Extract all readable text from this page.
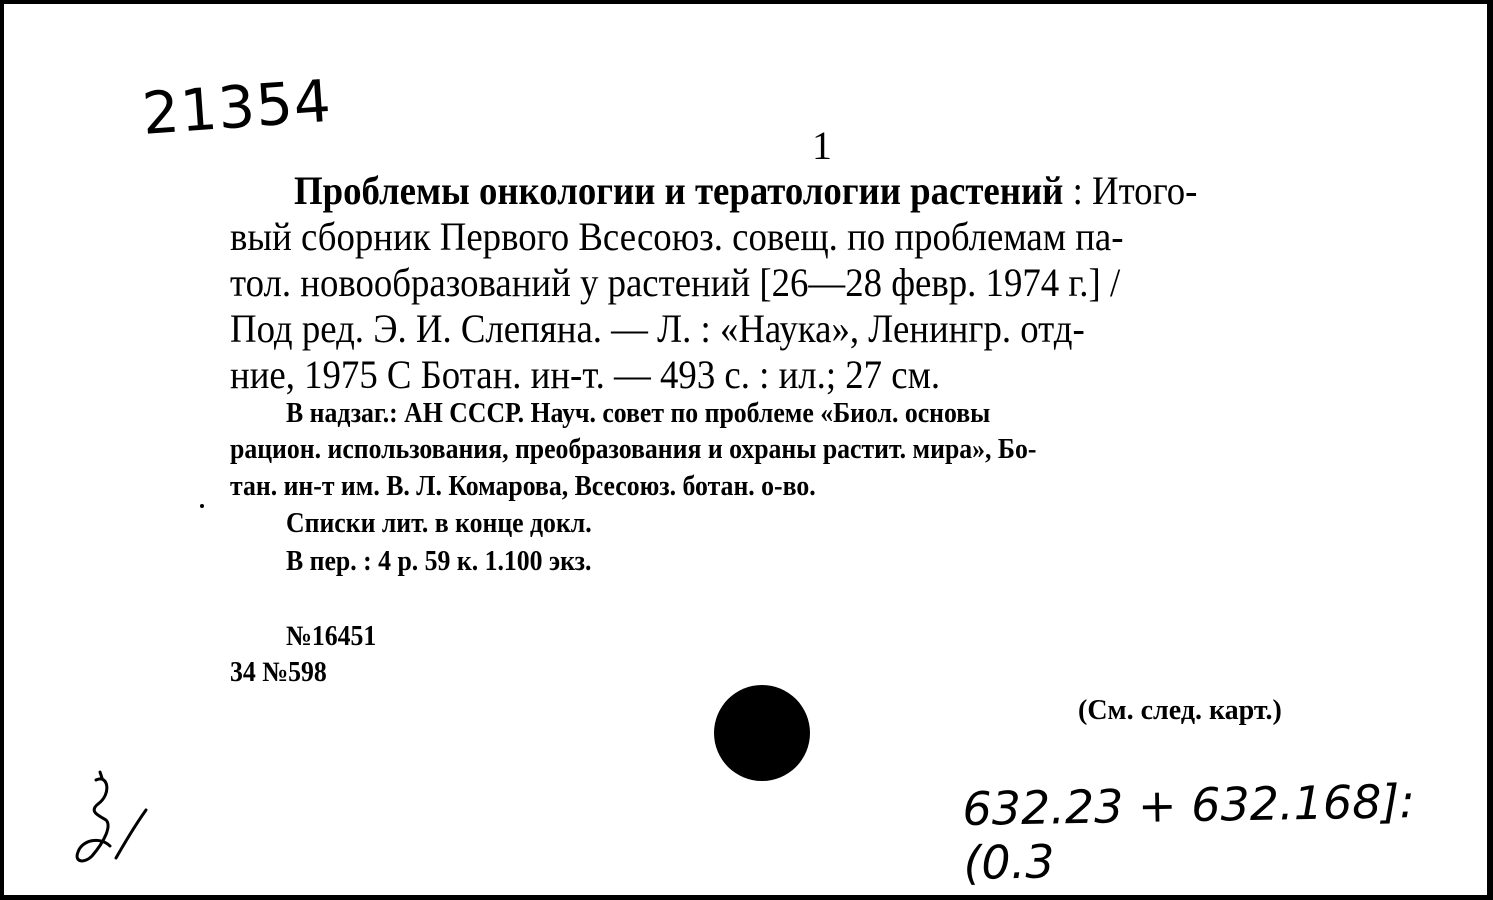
21354	1
Проблемы онкологии и тератологии растений : Итого-
вый сборник Первого Всесоюз. совещ. по проблемам па-
тол. новообразований у растений [26—28 февр. 1974 г.] /
Под ред. Э. И. Слепяна. — Л. : «Наука», Ленингр. отд-
ние, 1975 С Ботан. ин-т. — 493 с. : ил.; 27 см.
В надзаг.: АН СССР. Науч. совет по проблеме «Биол. основы
рацион. использования, преобразования и охраны растит. мира», Бо-
тан. ин-т им. В. Л. Комарова, Всесоюз. ботан. о-во.
Списки лит. в конце докл.
В пер. : 4 р. 59 к. 1.100 экз.
№16451
34 №598
(См. след. карт.)
632.23 + 632.168]:(0.3
